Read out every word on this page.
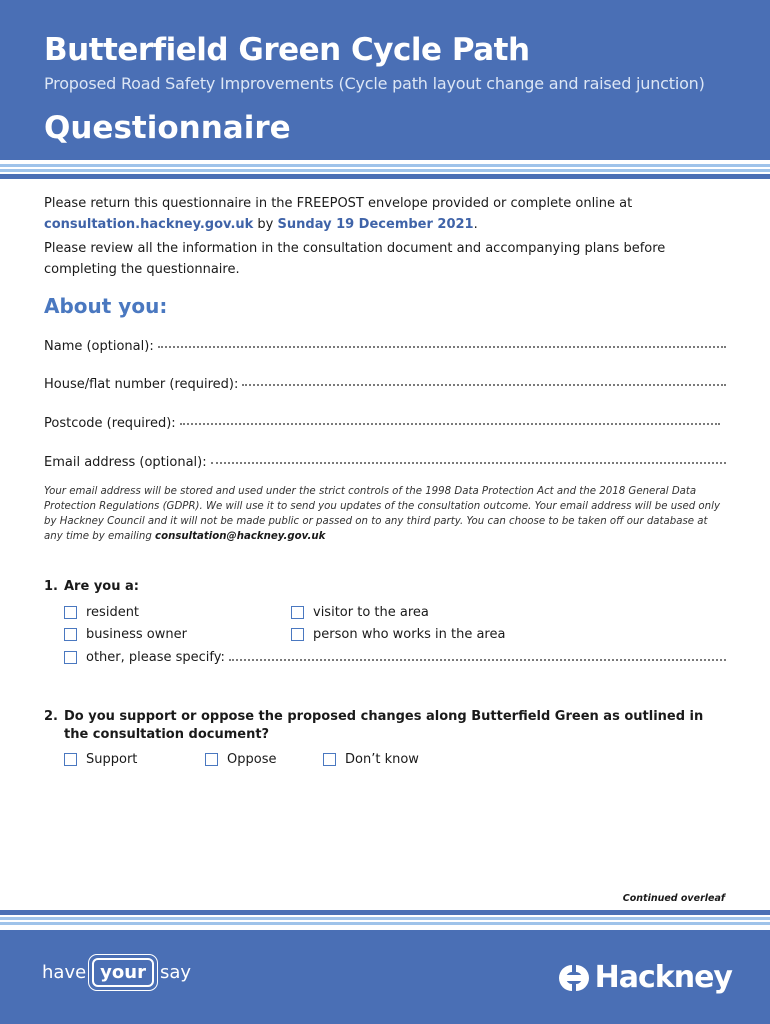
Butterfield Green Cycle Path
Proposed Road Safety Improvements (Cycle path layout change and raised junction)
Questionnaire
Please return this questionnaire in the FREEPOST envelope provided or complete online at
consultation.hackney.gov.uk by Sunday 19 December 2021.
Please review all the information in the consultation document and accompanying plans before completing the questionnaire.
About you:
Name (optional):
House/flat number (required):
Postcode (required):
Email address (optional):
Your email address will be stored and used under the strict controls of the 1998 Data Protection Act and the 2018 General Data Protection Regulations (GDPR). We will use it to send you updates of the consultation outcome. Your email address will be used only by Hackney Council and it will not be made public or passed on to any third party. You can choose to be taken off our database at any time by emailing consultation@hackney.gov.uk
1. Are you a:
resident	visitor to the area
business owner	person who works in the area
other, please specify:
2. Do you support or oppose the proposed changes along Butterfield Green as outlined in
the consultation document?
Support	Oppose	Don’t know
Continued overleaf
have your say	Hackney
